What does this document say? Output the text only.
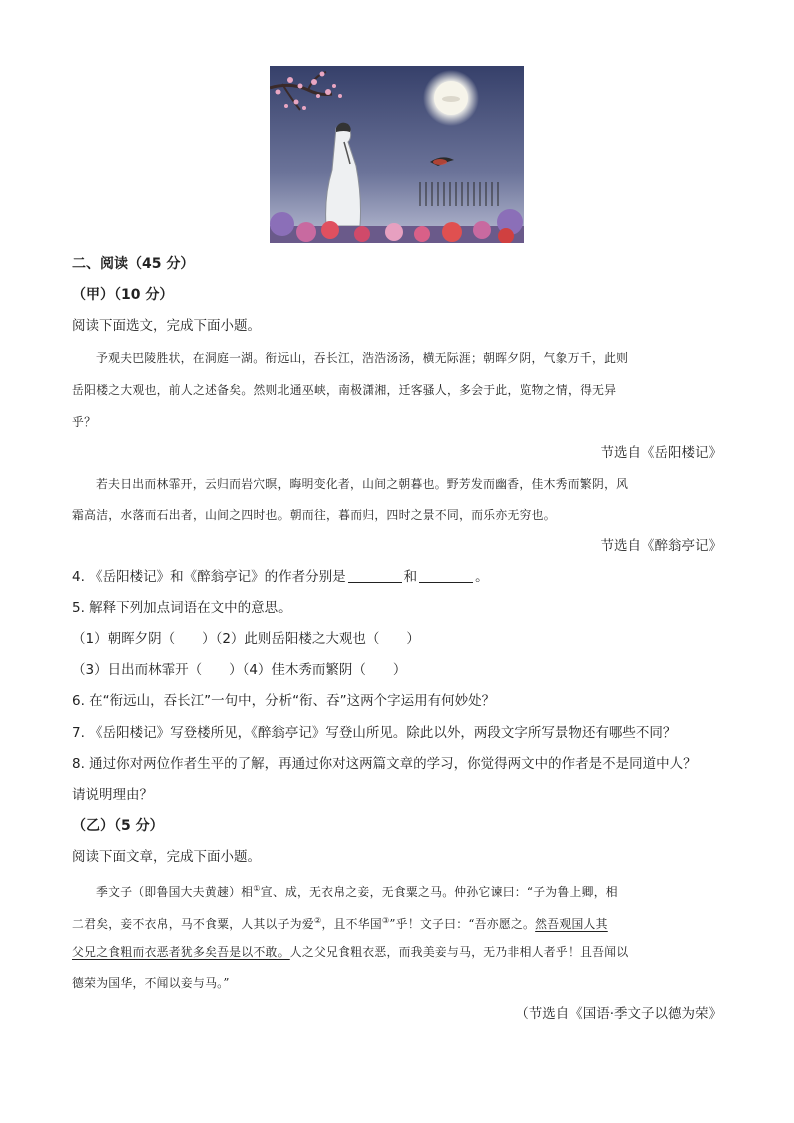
二、阅读（45 分）
（甲）（10 分）
阅读下面选文，完成下面小题。
予观夫巴陵胜状，在洞庭一湖。衔远山，吞长江，浩浩汤汤，横无际涯；朝晖夕阴，气象万千，此则
岳阳楼之大观也，前人之述备矣。然则北通巫峡，南极潇湘，迁客骚人，多会于此，览物之情，得无异
乎？
节选自《岳阳楼记》
若夫日出而林霏开，云归而岩穴暝，晦明变化者，山间之朝暮也。野芳发而幽香，佳木秀而繁阴，风
霜高洁，水落而石出者，山间之四时也。朝而往，暮而归，四时之景不同，而乐亦无穷也。
节选自《醉翁亭记》
4. 《岳阳楼记》和《醉翁亭记》的作者分别是	和	。
5. 解释下列加点词语在文中的意思。
（1）朝晖夕阴（　　）（2）此则岳阳楼之大观也（　　）
（3）日出而林霏开（　　）（4）佳木秀而繁阴（　　）
6. 在“衔远山，吞长江”一句中，分析“衔、吞”这两个字运用有何妙处？
7. 《岳阳楼记》写登楼所见，《醉翁亭记》写登山所见。除此以外，两段文字所写景物还有哪些不同？
8. 通过你对两位作者生平的了解，再通过你对这两篇文章的学习，你觉得两文中的作者是不是同道中人？
请说明理由？
（乙）（5 分）
阅读下面文章，完成下面小题。
季文子（即鲁国大夫黄趚）相①宣、成，无衣帛之妾，无食粟之马。仲孙它谏曰：“子为鲁上卿，相
二君矣，妾不衣帛，马不食粟，人其以子为爱②，且不华国③”乎！文子曰：“吾亦愿之。然吾观国人其
父兄之食粗而衣恶者犹多矣吾是以不敢。人之父兄食粗衣恶，而我美妾与马，无乃非相人者乎！且吾闻以
德荣为国华，不闻以妾与马。”
（节选自《国语·季文子以德为荣》
